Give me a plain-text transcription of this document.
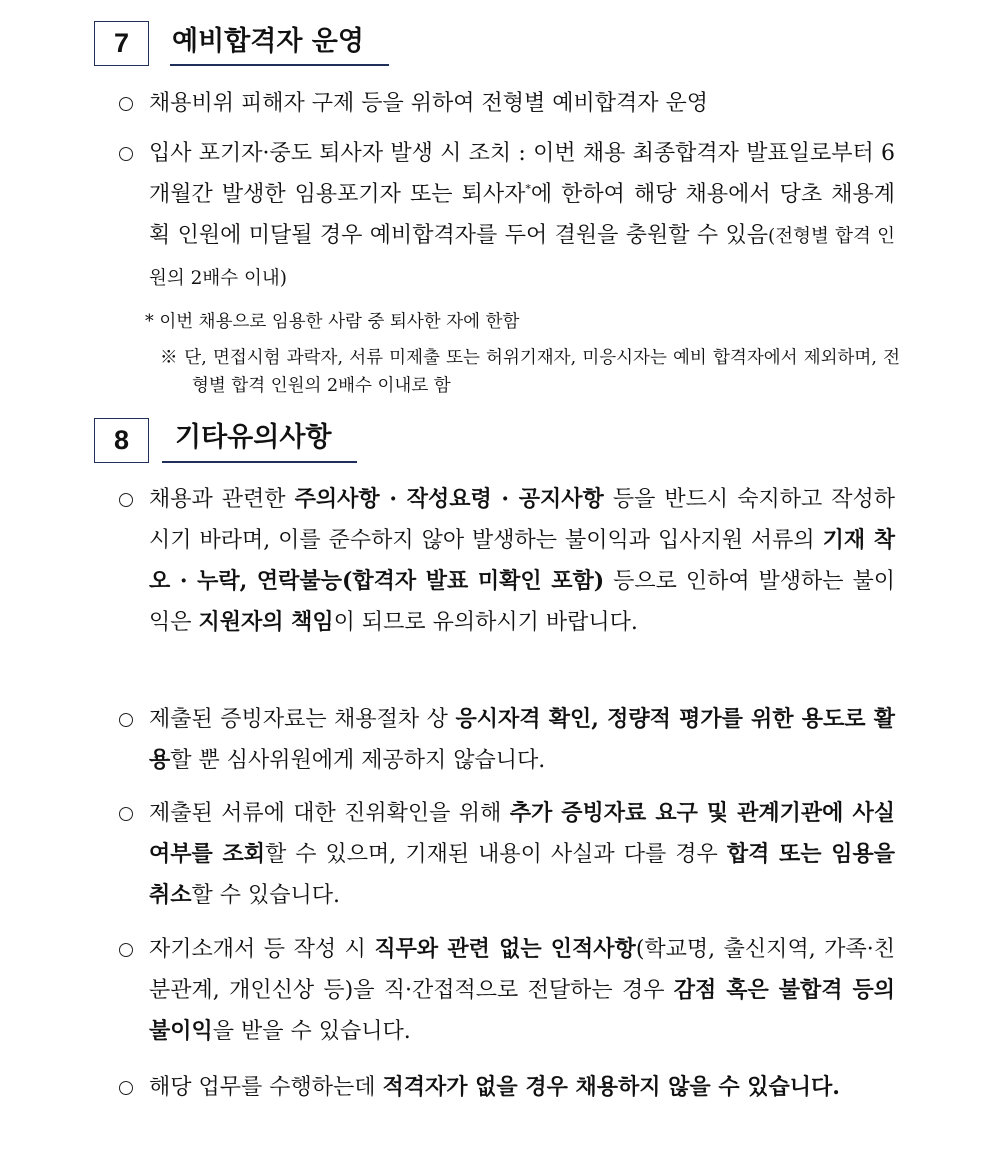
7	예비합격자 운영
채용비위 피해자 구제 등을 위하여 전형별 예비합격자 운영
입사 포기자·중도 퇴사자 발생 시 조치 : 이번 채용 최종합격자 발표일로부터 6개월간 발생한 임용포기자 또는 퇴사자*에 한하여 해당 채용에서 당초 채용계획 인원에 미달될 경우 예비합격자를 두어 결원을 충원할 수 있음(전형별 합격 인원의 2배수 이내)
* 이번 채용으로 임용한 사람 중 퇴사한 자에 한함
※ 단, 면접시험 과락자, 서류 미제출 또는 허위기재자, 미응시자는 예비 합격자에서 제외하며, 전형별 합격 인원의 2배수 이내로 함
8	기타유의사항
채용과 관련한 주의사항 · 작성요령 · 공지사항 등을 반드시 숙지하고 작성하시기 바라며, 이를 준수하지 않아 발생하는 불이익과 입사지원 서류의 기재 착오 · 누락, 연락불능(합격자 발표 미확인 포함) 등으로 인하여 발생하는 불이익은 지원자의 책임이 되므로 유의하시기 바랍니다.
제출된 증빙자료는 채용절차 상 응시자격 확인, 정량적 평가를 위한 용도로 활용할 뿐 심사위원에게 제공하지 않습니다.
제출된 서류에 대한 진위확인을 위해 추가 증빙자료 요구 및 관계기관에 사실여부를 조회할 수 있으며, 기재된 내용이 사실과 다를 경우 합격 또는 임용을 취소할 수 있습니다.
자기소개서 등 작성 시 직무와 관련 없는 인적사항(학교명, 출신지역, 가족·친분관계, 개인신상 등)을 직·간접적으로 전달하는 경우 감점 혹은 불합격 등의 불이익을 받을 수 있습니다.
해당 업무를 수행하는데 적격자가 없을 경우 채용하지 않을 수 있습니다.
